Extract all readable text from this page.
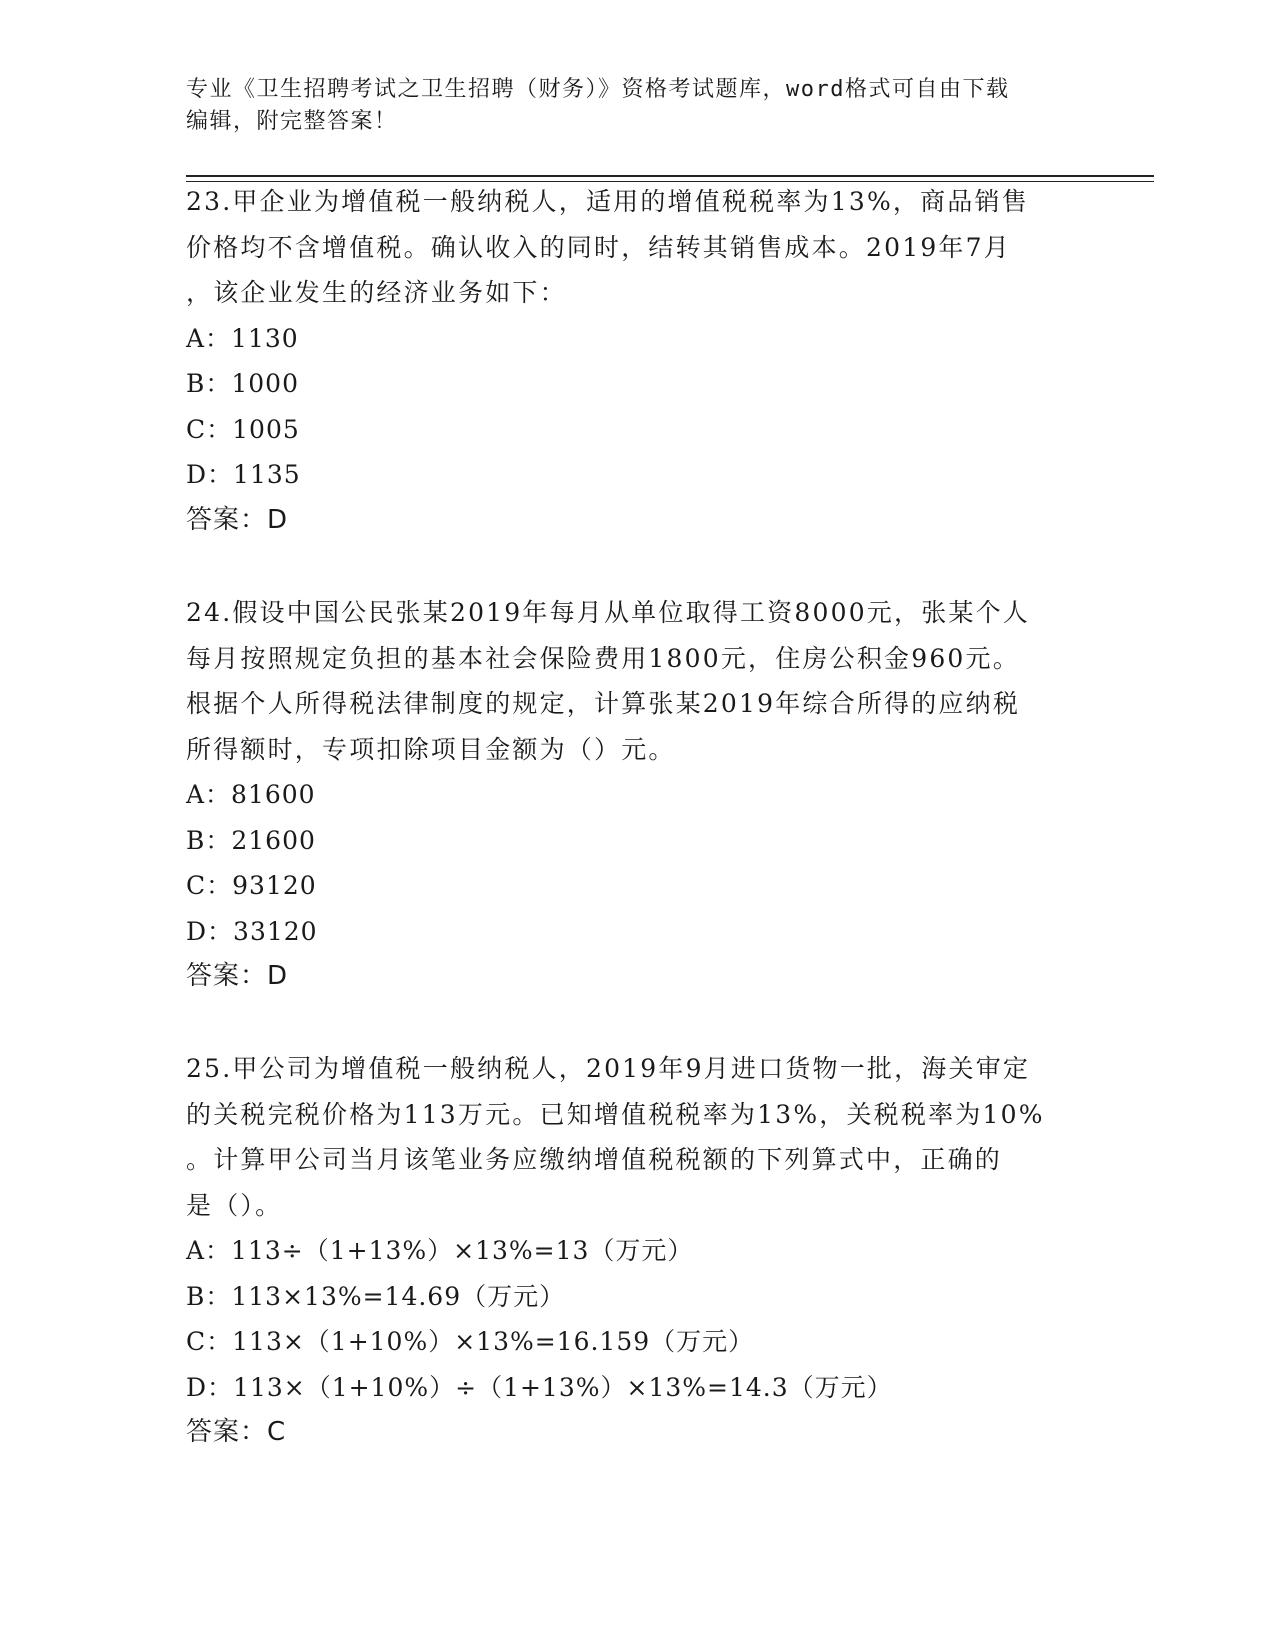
专业《卫生招聘考试之卫生招聘（财务）》资格考试题库，word格式可自由下载
编辑，附完整答案！

23.甲企业为增值税一般纳税人，适用的增值税税率为13%，商品销售
价格均不含增值税。确认收入的同时，结转其销售成本。2019年7月
，该企业发生的经济业务如下：

A：1130

B：1000

C：1005

D：1135

答案：D

24.假设中国公民张某2019年每月从单位取得工资8000元，张某个人
每月按照规定负担的基本社会保险费用1800元，住房公积金960元。
根据个人所得税法律制度的规定，计算张某2019年综合所得的应纳税
所得额时，专项扣除项目金额为（）元。

A：81600

B：21600

C：93120

D：33120

答案：D

25.甲公司为增值税一般纳税人，2019年9月进口货物一批，海关审定
的关税完税价格为113万元。已知增值税税率为13%，关税税率为10%
。计算甲公司当月该笔业务应缴纳增值税税额的下列算式中，正确的
是（）。

A：113÷（1+13%）×13%=13（万元）

B：113×13%=14.69（万元）

C：113×（1+10%）×13%=16.159（万元）

D：113×（1+10%）÷（1+13%）×13%=14.3（万元）

答案：C
